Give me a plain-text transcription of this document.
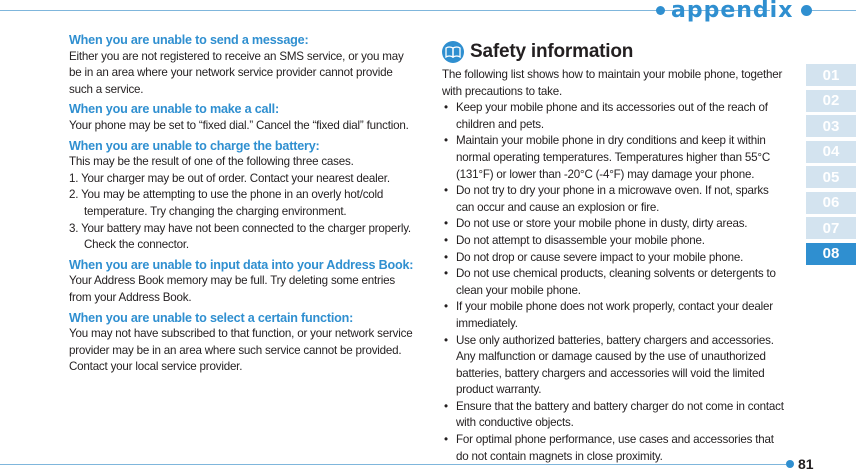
appendix

When you are unable to send a message:

Either you are not registered to receive an SMS service, or you may be in an area where your network service provider cannot provide such a service.

When you are unable to make a call:

Your phone may be set to “fixed dial.” Cancel the “fixed dial” function.

When you are unable to charge the battery:

This may be the result of one of the following three cases.

1. Your charger may be out of order. Contact your nearest dealer.

2. You may be attempting to use the phone in an overly hot/cold temperature. Try changing the charging environment.

3. Your battery may have not been connected to the charger properly. Check the connector.

When you are unable to input data into your Address Book:

Your Address Book memory may be full. Try deleting some entries from your Address Book.

When you are unable to select a certain function:

You may not have subscribed to that function, or your network service provider may be in an area where such service cannot be provided. Contact your local service provider.

Safety information

The following list shows how to maintain your mobile phone, together with precautions to take.

• Keep your mobile phone and its accessories out of the reach of children and pets.
• Maintain your mobile phone in dry conditions and keep it within normal operating temperatures. Temperatures higher than 55°C (131°F) or lower than -20°C (-4°F) may damage your phone.
• Do not try to dry your phone in a microwave oven. If not, sparks can occur and cause an explosion or fire.
• Do not use or store your mobile phone in dusty, dirty areas.
• Do not attempt to disassemble your mobile phone.
• Do not drop or cause severe impact to your mobile phone.
• Do not use chemical products, cleaning solvents or detergents to clean your mobile phone.
• If your mobile phone does not work properly, contact your dealer immediately.
• Use only authorized batteries, battery chargers and accessories. Any malfunction or damage caused by the use of unauthorized batteries, battery chargers and accessories will void the limited product warranty.
• Ensure that the battery and battery charger do not come in contact with conductive objects.
• For optimal phone performance, use cases and accessories that do not contain magnets in close proximity.
01
02
03
04
05
06
07
08
81
